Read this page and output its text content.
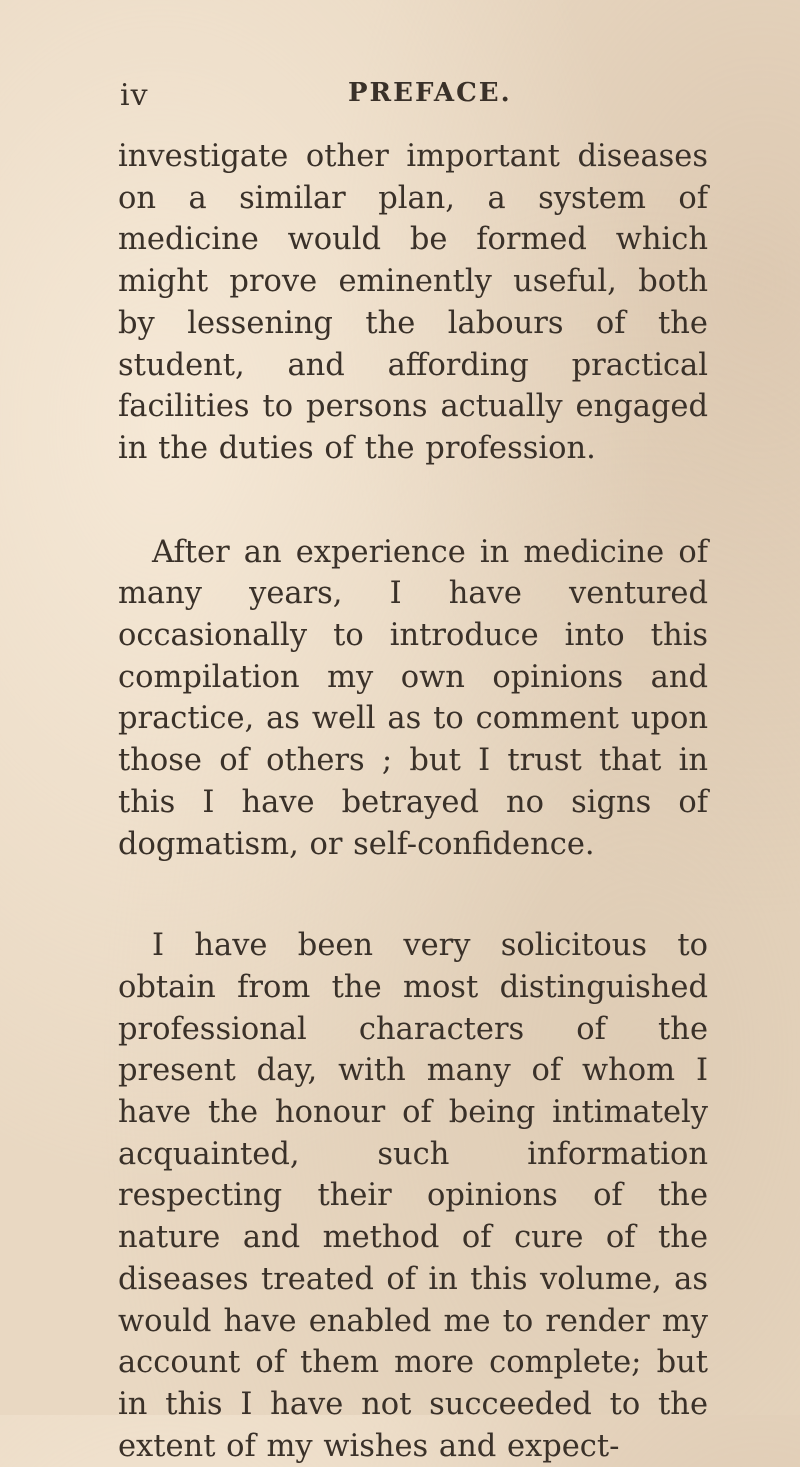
iv	PREFACE.

investigate other important diseases on a similar plan, a system of medicine would be formed which might prove eminently useful, both by lessening the labours of the student, and affording practical facilities to persons actually engaged in the duties of the profession.

After an experience in medicine of many years, I have ventured occasionally to introduce into this compilation my own opinions and practice, as well as to comment upon those of others ; but I trust that in this I have betrayed no signs of dogmatism, or self-confidence.

I have been very solicitous to obtain from the most distinguished professional characters of the present day, with many of whom I have the honour of being intimately acquainted, such information respecting their opinions of the nature and method of cure of the diseases treated of in this volume, as would have enabled me to render my account of them more complete; but in this I have not succeeded to the extent of my wishes and expect-
